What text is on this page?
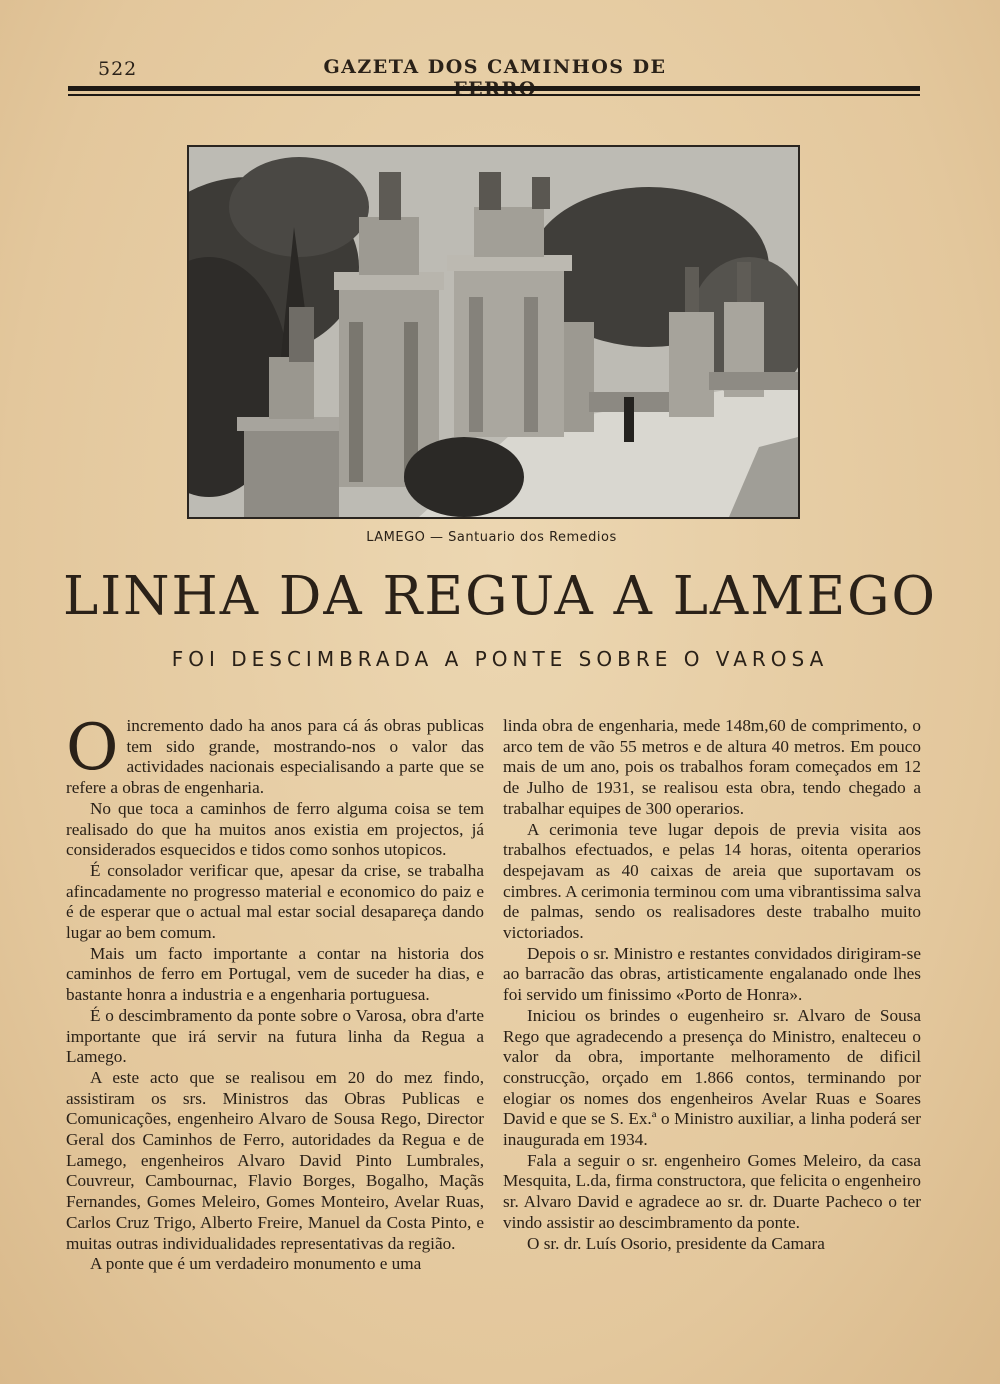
522	GAZETA DOS CAMINHOS DE
LAMEGO — Santuario dos Remedios
LINHA DA REGUA A LAMEGO
FOI DESCIMBRADA A PONTE SOBRE O VAROSA

Oincremento dado ha anos para cá ás obras publicas tem sido grande, mostrando-nos o valor das actividades nacionais especialisando a parte que se refere a obras de engenharia.

No que toca a caminhos de ferro alguma coisa se tem realisado do que ha muitos anos existia em projectos, já considerados esquecidos e tidos como sonhos utopicos.

É consolador verificar que, apesar da crise, se trabalha afincadamente no progresso material e economico do paiz e é de esperar que o actual mal estar social desapareça dando lugar ao bem comum.

Mais um facto importante a contar na historia dos caminhos de ferro em Portugal, vem de suceder ha dias, e bastante honra a industria e a engenharia portuguesa.

É o descimbramento da ponte sobre o Varosa, obra d'arte importante que irá servir na futura linha da Regua a Lamego.

A este acto que se realisou em 20 do mez findo, assistiram os srs. Ministros das Obras Publicas e Comunicações, engenheiro Alvaro de Sousa Rego, Director Geral dos Caminhos de Ferro, autoridades da Regua e de Lamego, engenheiros Alvaro David Pinto Lumbrales, Couvreur, Cambournac, Flavio Borges, Bogalho, Maçãs Fernandes, Gomes Meleiro, Gomes Monteiro, Avelar Ruas, Carlos Cruz Trigo, Alberto Freire, Manuel da Costa Pinto, e muitas outras individualidades representativas da região.

A ponte que é um verdadeiro monumento e uma

linda obra de engenharia, mede 148m,60 de comprimento, o arco tem de vão 55 metros e de altura 40 metros. Em pouco mais de um ano, pois os trabalhos foram começados em 12 de Julho de 1931, se realisou esta obra, tendo chegado a trabalhar equipes de 300 operarios.

A cerimonia teve lugar depois de previa visita aos trabalhos efectuados, e pelas 14 horas, oitenta operarios despejavam as 40 caixas de areia que suportavam os cimbres. A cerimonia terminou com uma vibrantissima salva de palmas, sendo os realisadores deste trabalho muito victoriados.

Depois o sr. Ministro e restantes convidados dirigiram-se ao barracão das obras, artisticamente engalanado onde lhes foi servido um finissimo «Porto de Honra».

Iniciou os brindes o eugenheiro sr. Alvaro de Sousa Rego que agradecendo a presença do Ministro, enalteceu o valor da obra, importante melhoramento de dificil construcção, orçado em 1.866 contos, terminando por elogiar os nomes dos engenheiros Avelar Ruas e Soares David e que se S. Ex.ª o Ministro auxiliar, a linha poderá ser inaugurada em 1934.

Fala a seguir o sr. engenheiro Gomes Meleiro, da casa Mesquita, L.da, firma constructora, que felicita o engenheiro sr. Alvaro David e agradece ao sr. dr. Duarte Pacheco o ter vindo assistir ao descimbramento da ponte.

O sr. dr. Luís Osorio, presidente da Camara
